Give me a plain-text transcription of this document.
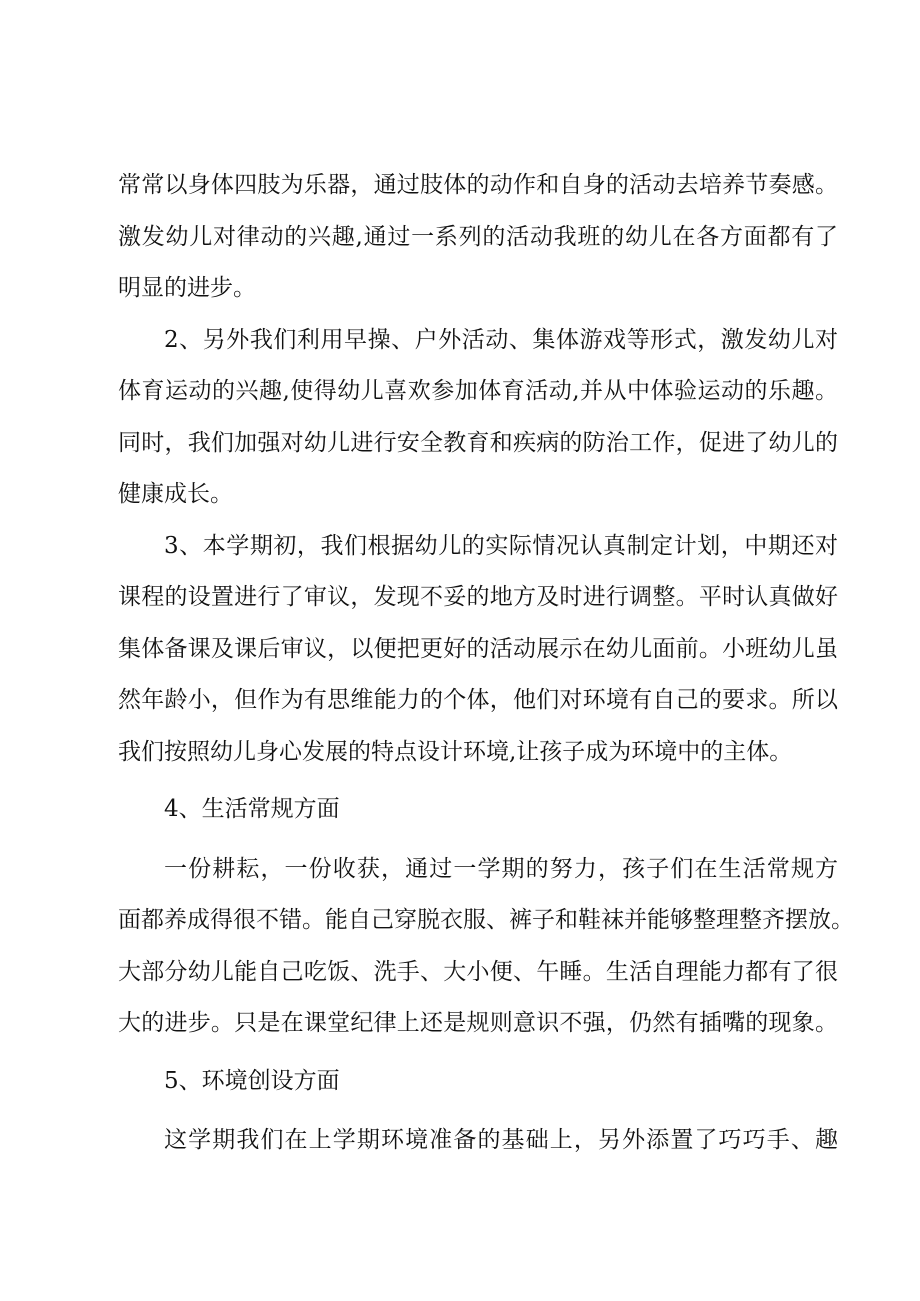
常常以身体四肢为乐器，通过肢体的动作和自身的活动去培养节奏感。
激发幼儿对律动的兴趣,通过一系列的活动我班的幼儿在各方面都有了
明显的进步。
2、另外我们利用早操、户外活动、集体游戏等形式，激发幼儿对
体育运动的兴趣,使得幼儿喜欢参加体育活动,并从中体验运动的乐趣。
同时，我们加强对幼儿进行安全教育和疾病的防治工作，促进了幼儿的
健康成长。
3、本学期初，我们根据幼儿的实际情况认真制定计划，中期还对
课程的设置进行了审议，发现不妥的地方及时进行调整。平时认真做好
集体备课及课后审议，以便把更好的活动展示在幼儿面前。小班幼儿虽
然年龄小，但作为有思维能力的个体，他们对环境有自己的要求。所以
我们按照幼儿身心发展的特点设计环境,让孩子成为环境中的主体。
4、生活常规方面
一份耕耘，一份收获，通过一学期的努力，孩子们在生活常规方
面都养成得很不错。能自己穿脱衣服、裤子和鞋袜并能够整理整齐摆放。
大部分幼儿能自己吃饭、洗手、大小便、午睡。生活自理能力都有了很
大的进步。只是在课堂纪律上还是规则意识不强，仍然有插嘴的现象。
5、环境创设方面
这学期我们在上学期环境准备的基础上，另外添置了巧巧手、趣
